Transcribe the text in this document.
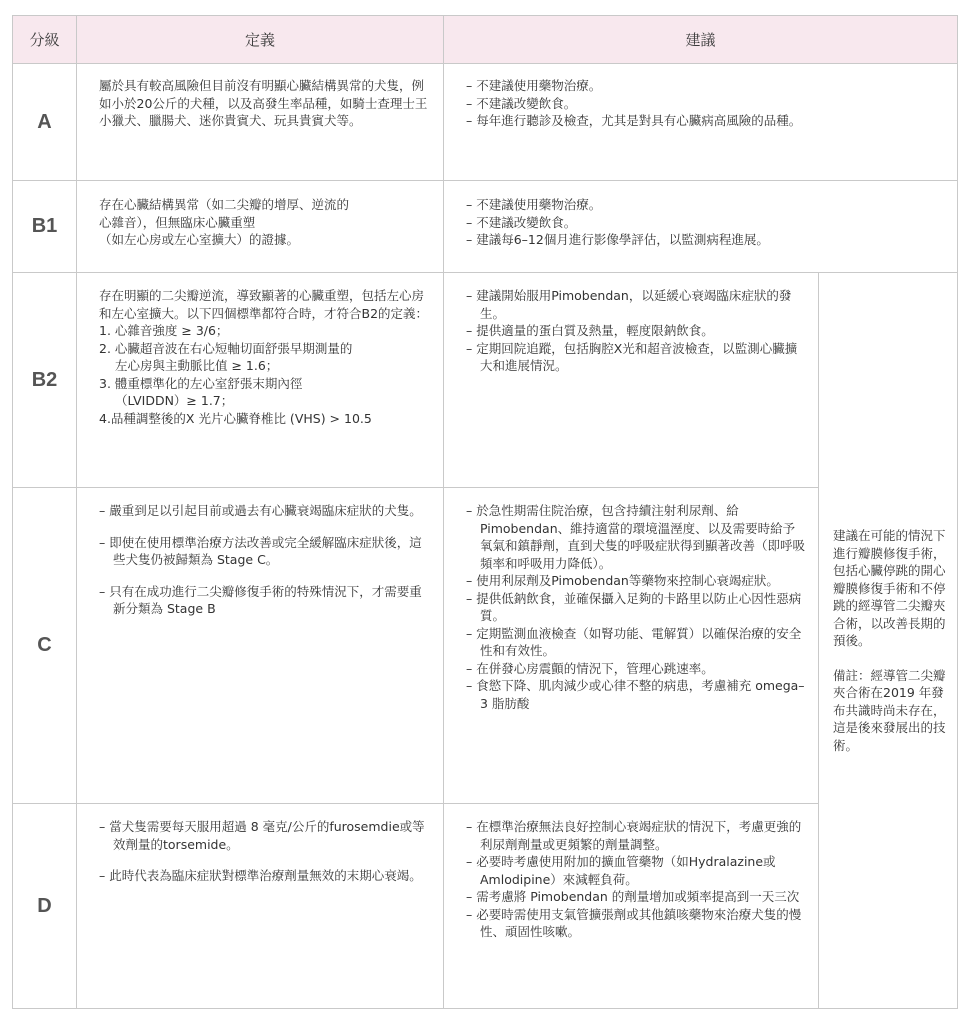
分級	定義	建議
A

屬於具有較高風險但目前沒有明顯心臟結構異常的犬隻，例如小於20公斤的犬種，以及高發生率品種，如騎士查理士王小獵犬、臘腸犬、迷你貴賓犬、玩具貴賓犬等。

– 不建議使用藥物治療。

– 不建議改變飲食。

– 每年進行聽診及檢查，尤其是對具有心臟病高風險的品種。

B1

存在心臟結構異常（如二尖瓣的增厚、逆流的

心雜音），但無臨床心臟重塑

（如左心房或左心室擴大）的證據。

– 不建議使用藥物治療。

– 不建議改變飲食。

– 建議每6–12個月進行影像學評估，以監測病程進展。

B2

存在明顯的二尖瓣逆流，導致顯著的心臟重塑，包括左心房和左心室擴大。以下四個標準都符合時，才符合B2的定義：

1. 心雜音強度 ≥ 3/6；

2. 心臟超音波在右心短軸切面舒張早期測量的

左心房與主動脈比值 ≥ 1.6；

3. 體重標準化的左心室舒張末期內徑

（LVIDDN）≥ 1.7；

4.品種調整後的X 光片心臟脊椎比 (VHS) > 10.5

– 建議開始服用Pimobendan，以延緩心衰竭臨床症狀的發生。

– 提供適量的蛋白質及熱量，輕度限鈉飲食。

– 定期回院追蹤，包括胸腔X光和超音波檢查，以監測心臟擴大和進展情況。

C

– 嚴重到足以引起目前或過去有心臟衰竭臨床症狀的犬隻。

– 即使在使用標準治療方法改善或完全緩解臨床症狀後，這些犬隻仍被歸類為 Stage C。

– 只有在成功進行二尖瓣修復手術的特殊情況下，才需要重新分類為 Stage B

– 於急性期需住院治療，包含持續注射利尿劑、給Pimobendan、維持適當的環境溫溼度、以及需要時給予氧氣和鎮靜劑，直到犬隻的呼吸症狀得到顯著改善（即呼吸頻率和呼吸用力降低）。

– 使用利尿劑及Pimobendan等藥物來控制心衰竭症狀。

– 提供低鈉飲食，並確保攝入足夠的卡路里以防止心因性惡病質。

– 定期監測血液檢查（如腎功能、電解質）以確保治療的安全性和有效性。

– 在併發心房震顫的情況下，管理心跳速率。

– 食慾下降、肌肉減少或心律不整的病患，考慮補充 omega–3 脂肪酸

D

– 當犬隻需要每天服用超過 8 毫克/公斤的furosemdie或等效劑量的torsemide。

– 此時代表為臨床症狀對標準治療劑量無效的末期心衰竭。

– 在標準治療無法良好控制心衰竭症狀的情況下，考慮更強的利尿劑劑量或更頻繁的劑量調整。

– 必要時考慮使用附加的擴血管藥物（如Hydralazine或 Amlodipine）來減輕負荷。

– 需考慮將 Pimobendan 的劑量增加或頻率提高到一天三次

– 必要時需使用支氣管擴張劑或其他鎮咳藥物來治療犬隻的慢性、頑固性咳嗽。

建議在可能的情況下進行瓣膜修復手術，包括心臟停跳的開心瓣膜修復手術和不停跳的經導管二尖瓣夾合術，以改善長期的預後。

備註：經導管二尖瓣夾合術在2019 年發布共識時尚未存在，這是後來發展出的技術。
